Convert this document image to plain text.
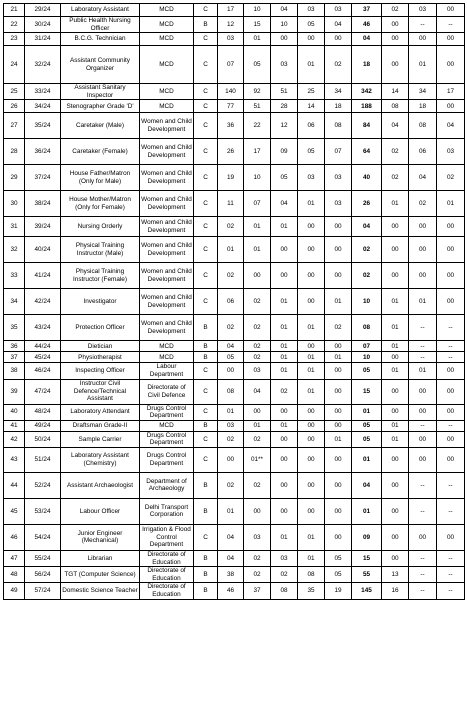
21	29/24	Laboratory Assistant	MCD	C	17	10	04	03	03	37	02	03	00
22	30/24	Public Health Nursing Officer	MCD	B	12	15	10	05	04	46	00	--	--
23	31/24	B.C.G. Technician	MCD	C	03	01	00	00	00	04	00	00	00
24	32/24	Assistant Community Organizer	MCD	C	07	05	03	01	02	18	00	01	00
25	33/24	Assistant Sanitary Inspector	MCD	C	140	92	51	25	34	342	14	34	17
26	34/24	Stenographer Grade 'D'	MCD	C	77	51	28	14	18	188	08	18	00
27	35/24	Caretaker (Male)	Women and Child Development	C	36	22	12	06	08	84	04	08	04
28	36/24	Caretaker (Female)	Women and Child Development	C	26	17	09	05	07	64	02	06	03
29	37/24	House Father/Matron (Only for Male)	Women and Child Development	C	19	10	05	03	03	40	02	04	02
30	38/24	House Mother/Matron (Only for Female)	Women and Child Development	C	11	07	04	01	03	26	01	02	01
31	39/24	Nursing Orderly	Women and Child Development	C	02	01	01	00	00	04	00	00	00
32	40/24	Physical Training Instructor (Male)	Women and Child Development	C	01	01	00	00	00	02	00	00	00
33	41/24	Physical Training Instructor (Female)	Women and Child Development	C	02	00	00	00	00	02	00	00	00
34	42/24	Investigator	Women and Child Development	C	06	02	01	00	01	10	01	01	00
35	43/24	Protection Officer	Women and Child Development	B	02	02	01	01	02	08	01	--	--
36	44/24	Dietician	MCD	B	04	02	01	00	00	07	01	--	--
37	45/24	Physiotherapist	MCD	B	05	02	01	01	01	10	00	--	--
38	46/24	Inspecting Officer	Labour Department	C	00	03	01	01	00	05	01	01	00
39	47/24	Instructor Civil Defence/Technical Assistant	Directorate of Civil Defence	C	08	04	02	01	00	15	00	00	00
40	48/24	Laboratory Attendant	Drugs Control Department	C	01	00	00	00	00	01	00	00	00
41	49/24	Draftsman Grade-II	MCD	B	03	01	01	00	00	05	01	--	--
42	50/24	Sample Carrier	Drugs Control Department	C	02	02	00	00	01	05	01	00	00
43	51/24	Laboratory Assistant (Chemistry)	Drugs Control Department	C	00	01**	00	00	00	01	00	00	00
44	52/24	Assistant Archaeologist	Department of Archaeology	B	02	02	00	00	00	04	00	--	--
45	53/24	Labour Officer	Delhi Transport Corporation	B	01	00	00	00	00	01	00	--	--
46	54/24	Junior Engineer (Mechanical)	Irrigation & Flood Control Department	C	04	03	01	01	00	09	00	00	00
47	55/24	Librarian	Directorate of Education	B	04	02	03	01	05	15	00	--	--
48	56/24	TGT (Computer Science)	Directorate of Education	B	38	02	02	08	05	55	13	--	--
49	57/24	Domestic Science Teacher	Directorate of Education	B	46	37	08	35	19	145	16	--	--
